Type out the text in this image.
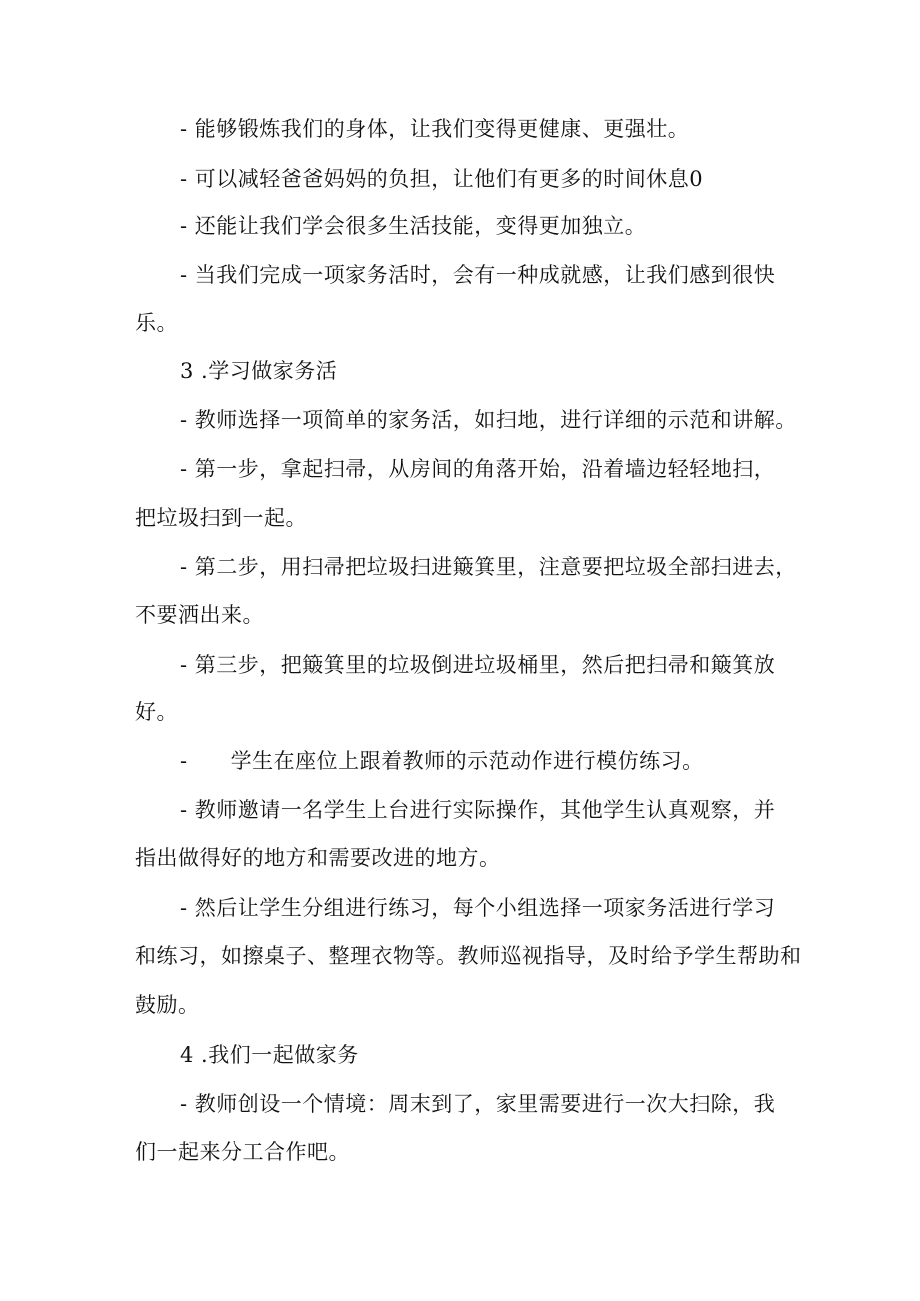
- 能够锻炼我们的身体，让我们变得更健康、更强壮。
- 可以减轻爸爸妈妈的负担，让他们有更多的时间休息0
- 还能让我们学会很多生活技能，变得更加独立。
- 当我们完成一项家务活时，会有一种成就感，让我们感到很快
乐。
3 .学习做家务活
- 教师选择一项简单的家务活，如扫地，进行详细的示范和讲解。
- 第一步，拿起扫帚，从房间的角落开始，沿着墙边轻轻地扫，
把垃圾扫到一起。
- 第二步，用扫帚把垃圾扫进簸箕里，注意要把垃圾全部扫进去，
不要洒出来。
- 第三步，把簸箕里的垃圾倒进垃圾桶里，然后把扫帚和簸箕放
好。
-      学生在座位上跟着教师的示范动作进行模仿练习。
- 教师邀请一名学生上台进行实际操作，其他学生认真观察，并
指出做得好的地方和需要改进的地方。
- 然后让学生分组进行练习，每个小组选择一项家务活进行学习
和练习，如擦桌子、整理衣物等。教师巡视指导，及时给予学生帮助和
鼓励。
4 .我们一起做家务
- 教师创设一个情境：周末到了，家里需要进行一次大扫除，我
们一起来分工合作吧。
